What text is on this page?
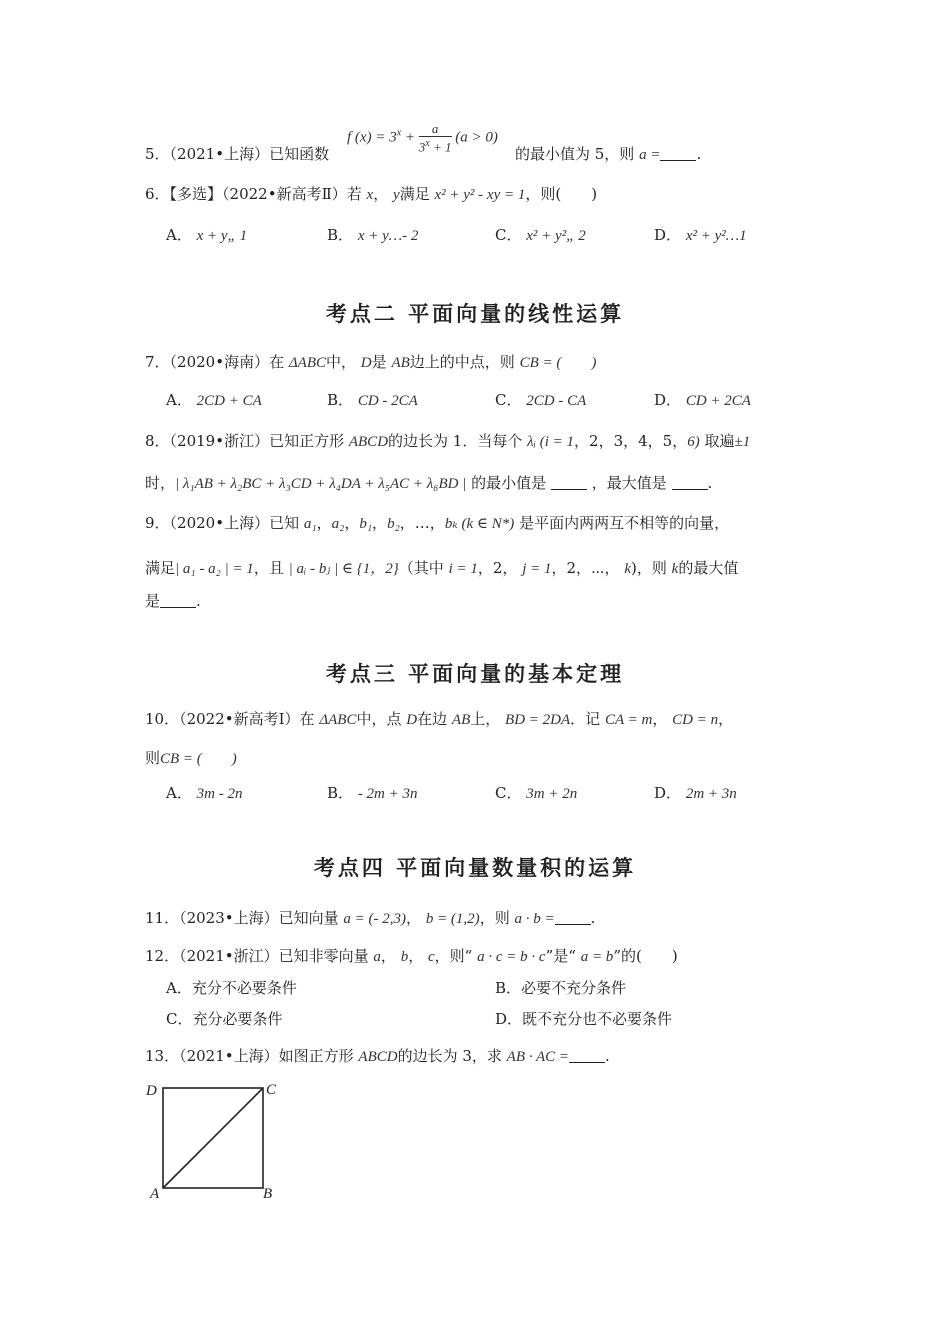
5．（2021•上海）已知函数
f $(x) = 3^x + \frac{a}{3^x + 1} (a > 0)$
的最小值为 5，则 a = .
6．【多选】（2022•新高考Ⅱ）若 x， y满足 x² + y² - xy = 1，则(　　)
A． x + y„ 1	B． x + y…- 2	C． x² + y²„ 2	D． x² + y²…1
考点二 平面向量的线性运算
7．（2020•海南）在 ΔABC中， D是 AB边上的中点，则 CB = (　　)
A． 2CD + CA	B． CD - 2CA	C． 2CD - CA	D． CD + 2CA
8．（2019•浙江）已知正方形 ABCD的边长为 1．当每个 λᵢ (i = 1，2，3，4，5，6) 取遍±1
时，| λ₁AB + λ₂BC + λ₃CD + λ₄DA + λ₅AC + λ₆BD | 的最小值是	，最大值是	.
9．（2020•上海）已知 a₁，a₂，b₁，b₂，…，bₖ (k ∈ N*) 是平面内两两互不相等的向量，
满足| a₁ - a₂ | = 1，且 | aᵢ - bⱼ | ∈ {1，2}（其中 i = 1，2， j = 1，2，⋯， k)，则 k的最大值
是 .
考点三 平面向量的基本定理
10．（2022•新高考Ⅰ）在 ΔABC中，点 D在边 AB上， BD = 2DA．记 CA = m， CD = n，
则CB = (　　)
A． 3m - 2n	B． - 2m + 3n	C． 3m + 2n	D． 2m + 3n
考点四 平面向量数量积的运算
11．（2023•上海）已知向量 a = (- 2,3)， b = (1,2)，则 a · b = .
12．（2021•浙江）已知非零向量 a， b， c，则“ a · c = b · c”是“ a = b”的(　　)
A．充分不必要条件	B．必要不充分条件
C．充分必要条件	D．既不充分也不必要条件
13．（2021•上海）如图正方形 ABCD的边长为 3，求 AB · AC = .
D	C
A	B
